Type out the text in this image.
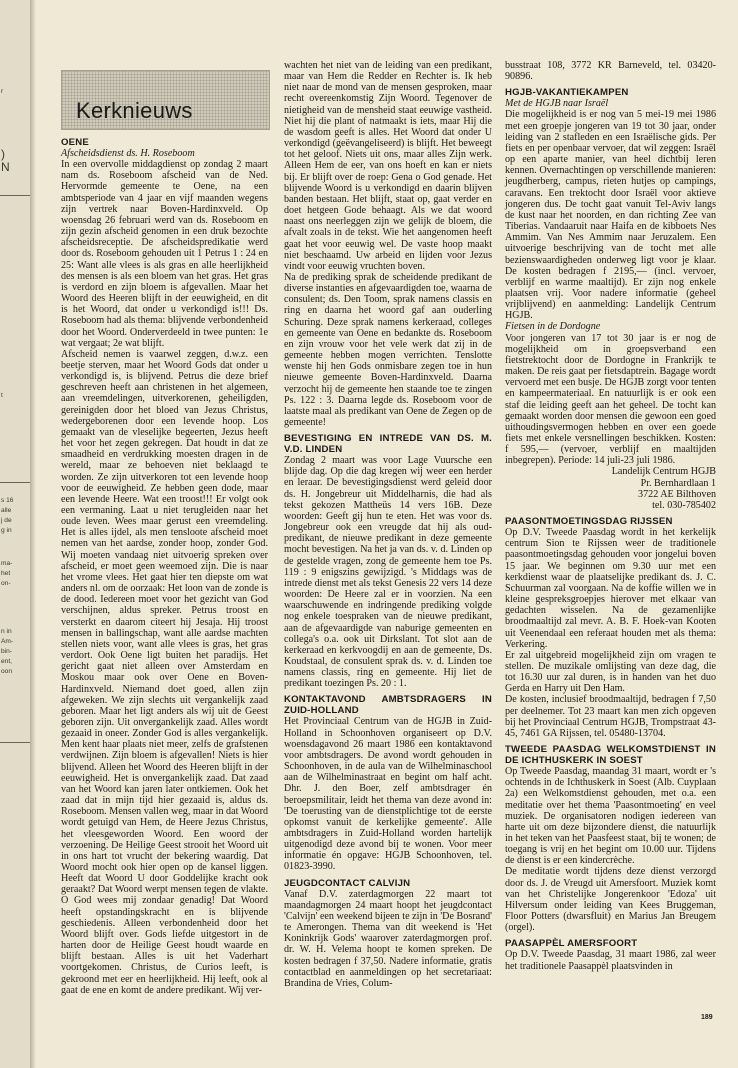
r
)
N
t
s 16
alle
j de
g in
ma-
het
on-
n in
Am-
bin-
ent,
oon
Kerknieuws
OENE
Afscheidsdienst ds. H. Roseboom

In een overvolle middagdienst op zondag 2 maart nam ds. Roseboom afscheid van de Ned. Hervormde gemeente te Oene, na een ambtsperiode van 4 jaar en vijf maanden wegens zijn vertrek naar Boven-Hardinxveld. Op woensdag 26 februari werd van ds. Roseboom en zijn gezin afscheid genomen in een druk bezochte afscheidsreceptie. De afscheidspredikatie werd door ds. Roseboom gehouden uit 1 Petrus 1 : 24 en 25: Want alle vlees is als gras en alle heerlijkheid des mensen is als een bloem van het gras. Het gras is verdord en zijn bloem is afgevallen. Maar het Woord des Heeren blijft in der eeuwigheid, en dit is het Woord, dat onder u verkondigd is!!! Ds. Roseboom had als thema: blijvende verbondenheid door het Woord. Onderverdeeld in twee punten: 1e wat vergaat; 2e wat blijft.
Afscheid nemen is vaarwel zeggen, d.w.z. een beetje sterven, maar het Woord Gods dat onder u verkondigd is, is blijvend. Petrus die deze brief geschreven heeft aan christenen in het algemeen, aan vreemdelingen, uitverkorenen, geheiligden, gereinigden door het bloed van Jezus Christus, wedergeborenen door een levende hoop. Los gemaakt van de vleselijke begeerten, Jezus heeft het voor het zegen gekregen. Dat houdt in dat ze smaadheid en verdrukking moesten dragen in de wereld, maar ze behoeven niet beklaagd te worden. Ze zijn uitverkoren tot een levende hoop voor de eeuwigheid. Ze hebben geen dode, maar een levende Heere. Wat een troost!!! Er volgt ook een vermaning. Laat u niet terugleiden naar het oude leven. Wees maar gerust een vreemdeling. Het is alles ijdel, als men tensloote afscheid moet nemen van het aardse, zonder hoop, zonder God. Wij moeten vandaag niet uitvoerig spreken over afscheid, er moet geen weemoed zijn. Die is naar het vrome vlees. Het gaat hier ten diepste om wat anders nl. om de oorzaak: Het loon van de zonde is de dood. Iedereen moet voor het gezicht van God verschijnen, aldus spreker. Petrus troost en versterkt en daarom citeert hij Jesaja. Hij troost mensen in ballingschap, want alle aardse machten stellen niets voor, want alle vlees is gras, het gras verdort. Ook Oene ligt buiten het paradijs. Het gericht gaat niet alleen over Amsterdam en Moskou maar ook over Oene en Boven-Hardinxveld. Niemand doet goed, allen zijn afgeweken. We zijn slechts uit vergankelijk zaad geboren. Maar het ligt anders als wij uit de Geest geboren zijn. Uit onvergankelijk zaad. Alles wordt gezaaid in oneer. Zonder God is alles vergankelijk. Men kent haar plaats niet meer, zelfs de grafstenen verdwijnen. Zijn bloem is afgevallen! Niets is hier blijvend. Alleen het Woord des Heeren blijft in der eeuwigheid. Het is onvergankelijk zaad. Dat zaad van het Woord kan jaren later ontkiemen. Ook het zaad dat in mijn tijd hier gezaaid is, aldus ds. Roseboom. Mensen vallen weg, maar in dat Woord wordt getuigd van Hem, de Heere Jezus Christus, het vleesgeworden Woord. Een woord der verzoening. De Heilige Geest strooit het Woord uit in ons hart tot vrucht der bekering waardig. Dat Woord mocht ook hier open op de kansel liggen. Heeft dat Woord U door Goddelijke kracht ook geraakt? Dat Woord werpt mensen tegen de vlakte. O God wees mij zondaar genadig! Dat Woord heeft opstandingskracht en is blijvende geschiedenis. Alleen verbondenheid door het Woord blijft over. Gods liefde uitgestort in de harten door de Heilige Geest houdt waarde en blijft bestaan. Alles is uit het Vaderhart voortgekomen. Christus, de Curios leeft, is gekroond met eer en heerlijkheid. Hij leeft, ook al gaat de ene en komt de andere predikant. Wij ver-

wachten het niet van de leiding van een predikant, maar van Hem die Redder en Rechter is. Ik heb niet naar de mond van de mensen gesproken, maar recht overeenkomstig Zijn Woord. Tegenover de nietigheid van de mensheid staat eeuwige vastheid. Niet hij die plant of natmaakt is iets, maar Hij die de wasdom geeft is alles. Het Woord dat onder U verkondigd (geëvangeliseerd) is blijft. Het beweegt tot het geloof. Niets uit ons, maar alles Zijn werk. Alleen Hem de eer, van ons hoeft en kan er niets bij. Er blijft over de roep: Gena o God genade. Het blijvende Woord is u verkondigd en daarin blijven banden bestaan. Het blijft, staat op, gaat verder en doet hetgeen Gode behaagt. Als we dat woord naast ons neerleggen zijn we gelijk de bloem, die afvalt zoals in de tekst. Wie het aangenomen heeft gaat het voor eeuwig wel. De vaste hoop maakt niet beschaamd. Uw arbeid en lijden voor Jezus vindt voor eeuwig vruchten boven.
Na de prediking sprak de scheidende predikant de diverse instanties en afgevaardigden toe, waarna de consulent; ds. Den Toom, sprak namens classis en ring en daarna het woord gaf aan ouderling Schuring. Deze sprak namens kerkeraad, colleges en gemeente van Oene en bedankte ds. Roseboom en zijn vrouw voor het vele werk dat zij in de gemeente hebben mogen verrichten. Tenslotte wenste hij hen Gods onmisbare zegen toe in hun nieuwe gemeente Boven-Hardinxveld. Daarna verzocht hij de gemeente hen staande toe te zingen Ps. 122 : 3. Daarna legde ds. Roseboom voor de laatste maal als predikant van Oene de Zegen op de gemeente!

BEVESTIGING EN INTREDE VAN DS. M. V.D. LINDEN

Zondag 2 maart was voor Lage Vuursche een blijde dag. Op die dag kregen wij weer een herder en leraar. De bevestigingsdienst werd geleid door ds. H. Jongebreur uit Middelharnis, die had als tekst gekozen Mattheüs 14 vers 16B. Deze woorden: Geeft gij hun te eten. Het was voor ds. Jongebreur ook een vreugde dat hij als oud-predikant, de nieuwe predikant in deze gemeente mocht bevestigen. Na het ja van ds. v. d. Linden op de gestelde vragen, zong de gemeente hem toe Ps. 119 : 9 enigszins gewijzigd. 's Middags was de intrede dienst met als tekst Genesis 22 vers 14 deze woorden: De Heere zal er in voorzien. Na een waarschuwende en indringende prediking volgde nog enkele toespraken van de nieuwe predikant, aan de afgevaardigde van naburige gemeenten en collega's o.a. ook uit Dirkslant. Tot slot aan de kerkeraad en kerkvoogdij en aan de gemeente, Ds. Koudstaal, de consulent sprak ds. v. d. Linden toe namens classis, ring en gemeente. Hij liet de predikant toezingen Ps. 20 : 1.

KONTAKTAVOND AMBTSDRAGERS IN ZUID-HOLLAND

Het Provinciaal Centrum van de HGJB in Zuid-Holland in Schoonhoven organiseert op D.V. woensdagavond 26 maart 1986 een kontaktavond voor ambtsdragers. De avond wordt gehouden in Schoonhoven, in de aula van de Wilhelminaschool aan de Wilhelminastraat en begint om half acht. Dhr. J. den Boer, zelf ambtsdrager én beroepsmilitair, leidt het thema van deze avond in: 'De toerusting van de dienstplichtige tot de eerste opkomst vanuit de kerkelijke gemeente'. Alle ambtsdragers in Zuid-Holland worden hartelijk uitgenodigd deze avond bij te wonen. Voor meer informatie én opgave: HGJB Schoonhoven, tel. 01823-3990.

JEUGDCONTACT CALVIJN

Vanaf D.V. zaterdagmorgen 22 maart tot maandagmorgen 24 maart hoopt het jeugdcontact 'Calvijn' een weekend bijeen te zijn in 'De Bosrand' te Amerongen. Thema van dit weekend is 'Het Koninkrijk Gods' waarover zaterdagmorgen prof. dr. W. H. Velema hoopt te komen spreken. De kosten bedragen f 37,50. Nadere informatie, gratis contactblad en aanmeldingen op het secretariaat: Brandina de Vries, Colum-

busstraat 108, 3772 KR Barneveld, tel. 03420-90896.

HGJB-VAKANTIEKAMPEN
Met de HGJB naar Israël

Die mogelijkheid is er nog van 5 mei-19 mei 1986 met een groepje jongeren van 19 tot 30 jaar, onder leiding van 2 stafleden en een Israëlische gids. Per fiets en per openbaar vervoer, dat wil zeggen: Israël op een aparte manier, van heel dichtbij leren kennen. Overnachtingen op verschillende manieren: jeugdherberg, campus, rieten hutjes op campings, caravans. Een trektocht door Israël voor aktieve jongeren dus. De tocht gaat vanuit Tel-Aviv langs de kust naar het noorden, en dan richting Zee van Tiberias. Vandaaruit naar Haifa en de kibboets Nes Ammim. Van Nes Ammim naar Jeruzalem. Een uitvoerige beschrijving van de tocht met alle bezienswaardigheden onderweg ligt voor je klaar. De kosten bedragen f 2195,— (incl. vervoer, verblijf en warme maaltijd). Er zijn nog enkele plaatsen vrij. Voor nadere informatie (geheel vrijblijvend) en aanmelding: Landelijk Centrum HGJB.

Fietsen in de Dordogne

Voor jongeren van 17 tot 30 jaar is er nog de mogelijkheid om in groepsverband een fietstrektocht door de Dordogne in Frankrijk te maken. De reis gaat per fietsdaptrein. Bagage wordt vervoerd met een busje. De HGJB zorgt voor tenten en kampeermateriaal. En natuurlijk is er ook een staf die leiding geeft aan het geheel. De tocht kan gemaakt worden door mensen die gewoon een goed uithoudingsvermogen hebben en over een goede fiets met enkele versnellingen beschikken. Kosten: f 595,— (vervoer, verblijf en maaltijden inbegrepen). Periode: 14 juli-23 juli 1986.

Landelijk Centrum HGJB
Pr. Bernhardlaan 1
3722 AE Bilthoven
tel. 030-785402
PAASONTMOETINGSDAG RIJSSEN

Op D.V. Tweede Paasdag wordt in het kerkelijk centrum Sion te Rijssen weer de traditionele paasontmoetingsdag gehouden voor jongelui boven 15 jaar. We beginnen om 9.30 uur met een kerkdienst waar de plaatselijke predikant ds. J. C. Schuurman zal voorgaan. Na de koffie willen we in kleine gespreksgroepjes hierover met elkaar van gedachten wisselen. Na de gezamenlijke broodmaaltijd zal mevr. A. B. F. Hoek-van Kooten uit Veenendaal een referaat houden met als thema: Verkering.
Er zal uitgebreid mogelijkheid zijn om vragen te stellen. De muzikale omlijsting van deze dag, die tot 16.30 uur zal duren, is in handen van het duo Gerda en Harry uit Den Ham.
De kosten, inclusief broodmaaltijd, bedragen f 7,50 per deelnemer. Tot 23 maart kan men zich opgeven bij het Provinciaal Centrum HGJB, Trompstraat 43-45, 7461 GA Rijssen, tel. 05480-13704.

TWEEDE PAASDAG WELKOMSTDIENST IN DE ICHTHUSKERK IN SOEST

Op Tweede Paasdag, maandag 31 maart, wordt er 's ochtends in de Ichthuskerk in Soest (Alb. Cuyplaan 2a) een Welkomstdienst gehouden, met o.a. een meditatie over het thema 'Paasontmoeting' en veel muziek. De organisatoren nodigen iedereen van harte uit om deze bijzondere dienst, die natuurlijk in het teken van het Paasfeest staat, bij te wonen; de toegang is vrij en het begint om 10.00 uur. Tijdens de dienst is er een kindercrèche.
De meditatie wordt tijdens deze dienst verzorgd door ds. J. de Vreugd uit Amersfoort. Muziek komt van het Christelijke Jongerenkoor 'Edoza' uit Hilversum onder leiding van Kees Bruggeman, Floor Potters (dwarsfluit) en Marius Jan Breugem (orgel).

PAASAPPÈL AMERSFOORT

Op D.V. Tweede Paasdag, 31 maart 1986, zal weer het traditionele Paasappèl plaatsvinden in

189
